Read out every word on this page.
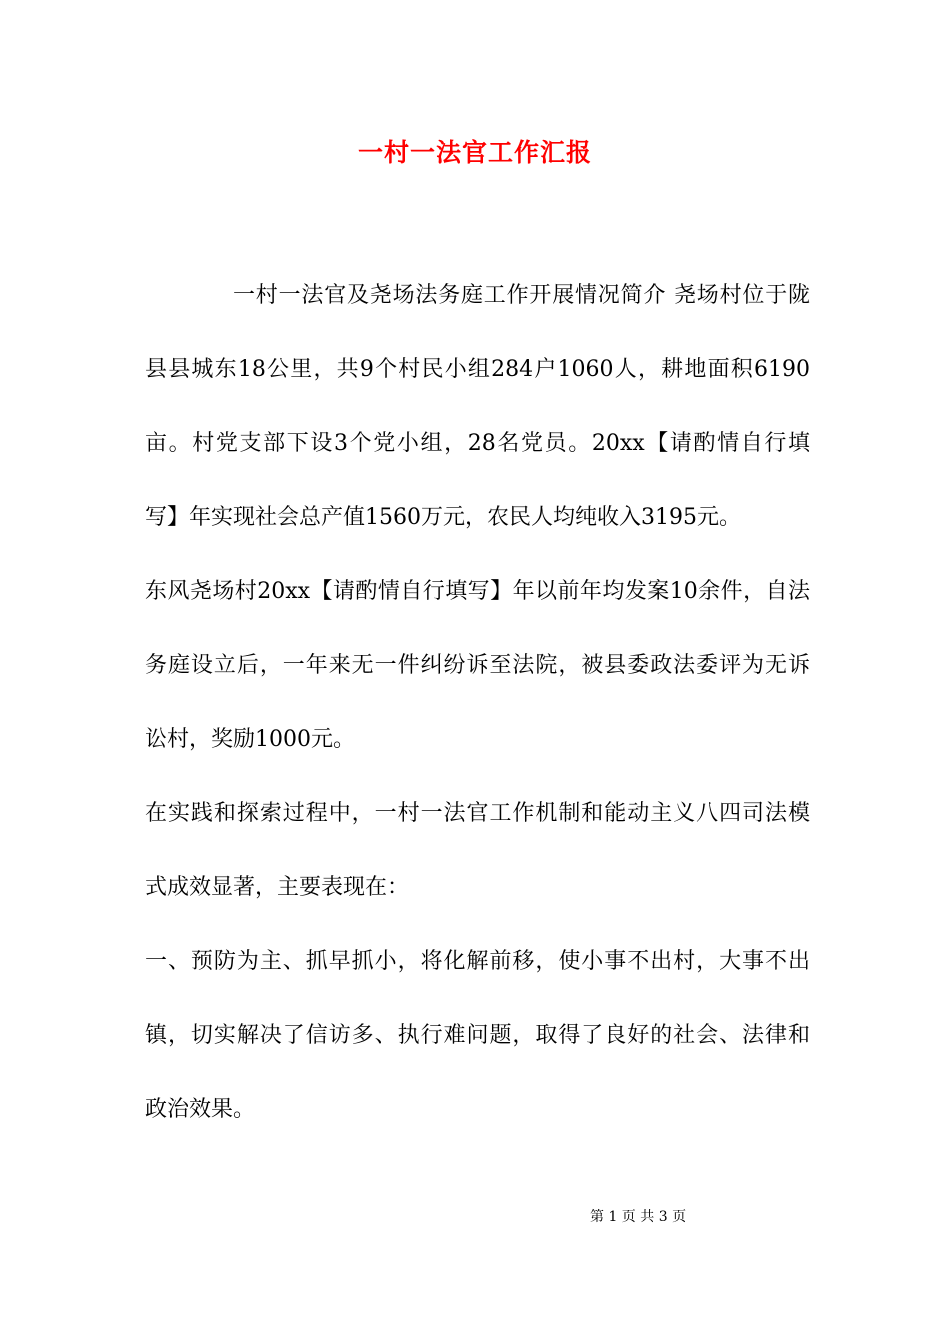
一村一法官工作汇报
一村一法官及尧场法务庭工作开展情况简介 尧场村位于陇
县县城东18公里，共9个村民小组284户1060人，耕地面积6190
亩。村党支部下设3个党小组，28名党员。20xx【请酌情自行填
写】年实现社会总产值1560万元，农民人均纯收入3195元。
东风尧场村20xx【请酌情自行填写】年以前年均发案10余件，自法
务庭设立后，一年来无一件纠纷诉至法院，被县委政法委评为无诉
讼村，奖励1000元。
在实践和探索过程中，一村一法官工作机制和能动主义八四司法模
式成效显著，主要表现在：
一、预防为主、抓早抓小，将化解前移，使小事不出村，大事不出
镇，切实解决了信访多、执行难问题，取得了良好的社会、法律和
政治效果。
第 1 页 共 3 页
